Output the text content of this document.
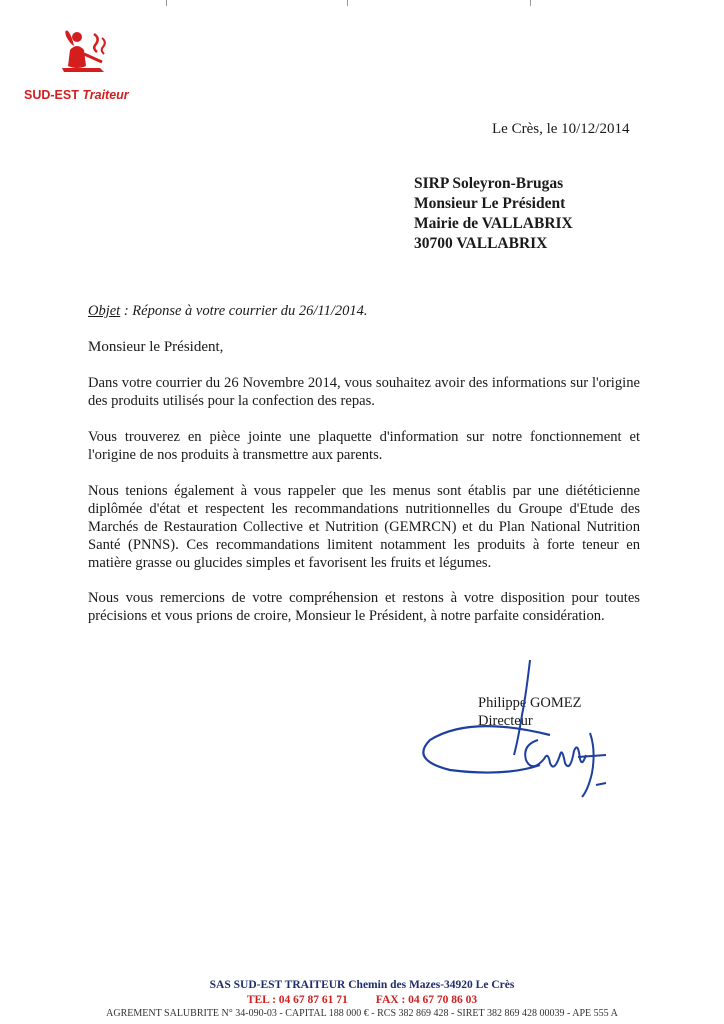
SUD-EST Traiteur
Le Crès, le 10/12/2014
SIRP Soleyron-Brugas
Monsieur Le Président
Mairie de VALLABRIX
30700 VALLABRIX
Objet : Réponse à votre courrier du 26/11/2014.
Monsieur le Président,
Dans votre courrier du 26 Novembre 2014, vous souhaitez avoir des informations sur l'origine des produits utilisés pour la confection des repas.
Vous trouverez en pièce jointe une plaquette d'information sur notre fonctionnement et l'origine de nos produits à transmettre aux parents.
Nous tenions également à vous rappeler que les menus sont établis par une diététicienne diplômée d'état et respectent les recommandations nutritionnelles du Groupe d'Etude des Marchés de Restauration Collective et Nutrition (GEMRCN) et du Plan National Nutrition Santé (PNNS). Ces recommandations limitent notamment les produits à forte teneur en matière grasse ou glucides simples et favorisent les fruits et légumes.
Nous vous remercions de votre compréhension et restons à votre disposition pour toutes précisions et vous prions de croire, Monsieur le Président, à notre parfaite considération.
Philippe GOMEZ
Directeur
SAS SUD-EST TRAITEUR Chemin des Mazes-34920 Le Crès
TEL : 04 67 87 61 71 FAX : 04 67 70 86 03
AGREMENT SALUBRITE N° 34-090-03 - CAPITAL 188 000 € - RCS 382 869 428 - SIRET 382 869 428 00039 - APE 555 A
